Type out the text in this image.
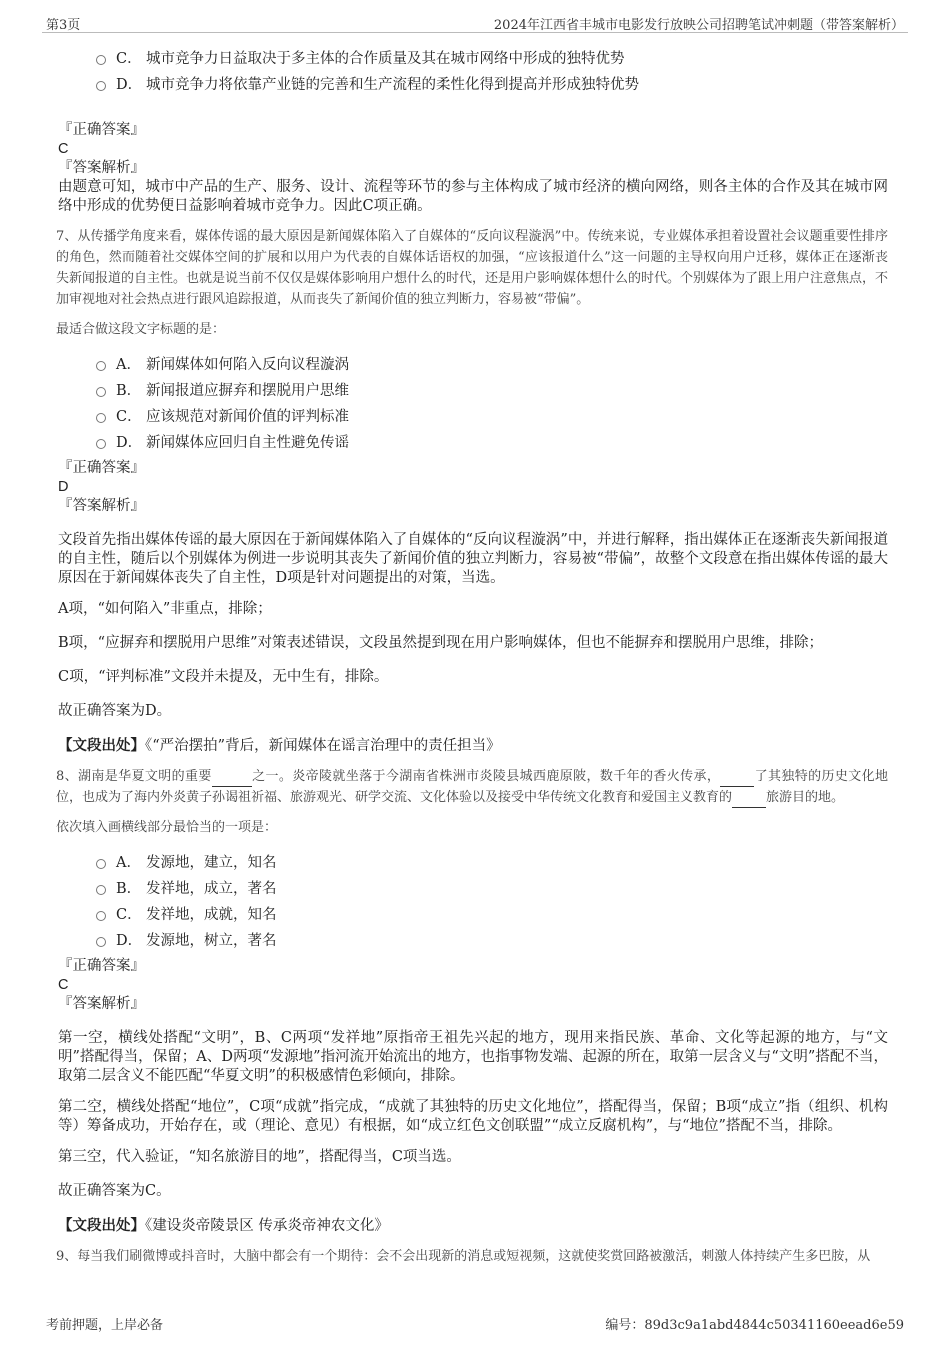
第3页	2024年江西省丰城市电影发行放映公司招聘笔试冲刺题（带答案解析）
C． 城市竞争力日益取决于多主体的合作质量及其在城市网络中形成的独特优势
D． 城市竞争力将依靠产业链的完善和生产流程的柔性化得到提高并形成独特优势
『正确答案』
C
『答案解析』
由题意可知，城市中产品的生产、服务、设计、流程等环节的参与主体构成了城市经济的横向网络，则各主体的合作及其在城市网络中形成的优势便日益影响着城市竞争力。因此C项正确。
7、从传播学角度来看，媒体传谣的最大原因是新闻媒体陷入了自媒体的“反向议程漩涡”中。传统来说，专业媒体承担着设置社会议题重要性排序的角色，然而随着社交媒体空间的扩展和以用户为代表的自媒体话语权的加强，“应该报道什么”这一问题的主导权向用户迁移，媒体正在逐渐丧失新闻报道的自主性。也就是说当前不仅仅是媒体影响用户想什么的时代，还是用户影响媒体想什么的时代。个别媒体为了跟上用户注意焦点，不加审视地对社会热点进行跟风追踪报道，从而丧失了新闻价值的独立判断力，容易被“带偏”。
最适合做这段文字标题的是：
A． 新闻媒体如何陷入反向议程漩涡
B． 新闻报道应摒弃和摆脱用户思维
C． 应该规范对新闻价值的评判标准
D． 新闻媒体应回归自主性避免传谣
『正确答案』
D
『答案解析』
文段首先指出媒体传谣的最大原因在于新闻媒体陷入了自媒体的“反向议程漩涡”中，并进行解释，指出媒体正在逐渐丧失新闻报道的自主性，随后以个别媒体为例进一步说明其丧失了新闻价值的独立判断力，容易被“带偏”，故整个文段意在指出媒体传谣的最大原因在于新闻媒体丧失了自主性，D项是针对问题提出的对策，当选。
A项，“如何陷入”非重点，排除；
B项，“应摒弃和摆脱用户思维”对策表述错误，文段虽然提到现在用户影响媒体，但也不能摒弃和摆脱用户思维，排除；
C项，“评判标准”文段并未提及，无中生有，排除。
故正确答案为D。
【文段出处】《“严治摆拍”背后，新闻媒体在谣言治理中的责任担当》
8、湖南是华夏文明的重要	之一。炎帝陵就坐落于今湖南省株洲市炎陵县城西鹿原陂，数千年的香火传承，	了其独特的历史文化地位，也成为了海内外炎黄子孙谒祖祈福、旅游观光、研学交流、文化体验以及接受中华传统文化教育和爱国主义教育的	旅游目的地。
依次填入画横线部分最恰当的一项是：
A． 发源地，建立，知名
B． 发祥地，成立，著名
C． 发祥地，成就，知名
D． 发源地，树立，著名
『正确答案』
C
『答案解析』
第一空，横线处搭配“文明”，B、C两项“发祥地”原指帝王祖先兴起的地方，现用来指民族、革命、文化等起源的地方，与“文明”搭配得当，保留；A、D两项“发源地”指河流开始流出的地方，也指事物发端、起源的所在，取第一层含义与“文明”搭配不当，取第二层含义不能匹配“华夏文明”的积极感情色彩倾向，排除。
第二空，横线处搭配“地位”，C项“成就”指完成，“成就了其独特的历史文化地位”，搭配得当，保留；B项“成立”指（组织、机构等）筹备成功，开始存在，或（理论、意见）有根据，如“成立红色文创联盟”“成立反腐机构”，与“地位”搭配不当，排除。
第三空，代入验证，“知名旅游目的地”，搭配得当，C项当选。
故正确答案为C。
【文段出处】《建设炎帝陵景区 传承炎帝神农文化》
9、每当我们刷微博或抖音时，大脑中都会有一个期待：会不会出现新的消息或短视频，这就使奖赏回路被激活，刺激人体持续产生多巴胺，从
考前押题，上岸必备	编号：89d3c9a1abd4844c50341160eead6e59
